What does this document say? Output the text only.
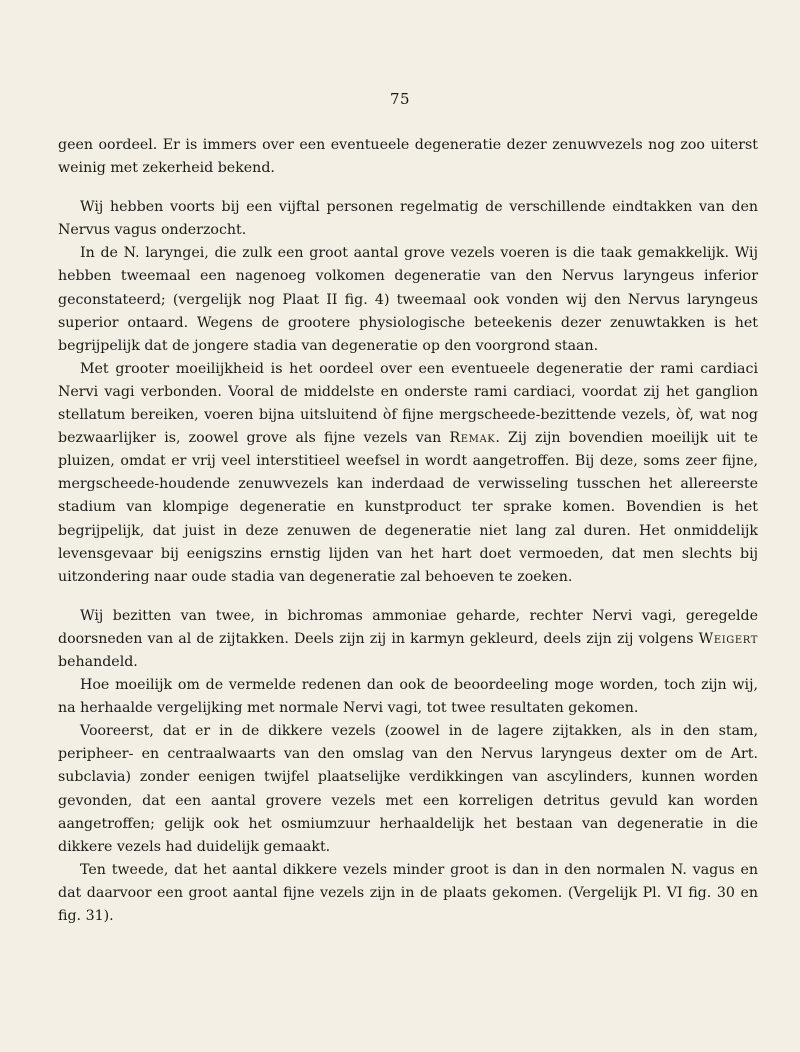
75

geen oordeel. Er is immers over een eventueele degeneratie dezer zenuwvezels nog zoo uiterst weinig met zekerheid bekend.

Wij hebben voorts bij een vijftal personen regelmatig de verschillende eindtakken van den Nervus vagus onderzocht.

In de N. laryngei, die zulk een groot aantal grove vezels voeren is die taak gemakkelijk. Wij hebben tweemaal een nagenoeg volkomen degeneratie van den Nervus laryngeus inferior geconstateerd; (vergelijk nog Plaat II fig. 4) tweemaal ook vonden wij den Nervus laryngeus superior ontaard. Wegens de grootere physiologische beteekenis dezer zenuwtakken is het begrijpelijk dat de jongere stadia van degeneratie op den voorgrond staan.

Met grooter moeilijkheid is het oordeel over een eventueele degeneratie der rami cardiaci Nervi vagi verbonden. Vooral de middelste en onderste rami cardiaci, voordat zij het ganglion stellatum bereiken, voeren bijna uitsluitend òf fijne mergscheede-bezittende vezels, òf, wat nog bezwaarlijker is, zoowel grove als fijne vezels van Remak. Zij zijn bovendien moeilijk uit te pluizen, omdat er vrij veel interstitieel weefsel in wordt aangetroffen. Bij deze, soms zeer fijne, mergscheede-houdende zenuwvezels kan inderdaad de verwisseling tusschen het allereerste stadium van klompige degeneratie en kunstproduct ter sprake komen. Bovendien is het begrijpelijk, dat juist in deze zenuwen de degeneratie niet lang zal duren. Het onmiddelijk levensgevaar bij eenigszins ernstig lijden van het hart doet vermoeden, dat men slechts bij uitzondering naar oude stadia van degeneratie zal behoeven te zoeken.

Wij bezitten van twee, in bichromas ammoniae geharde, rechter Nervi vagi, geregelde doorsneden van al de zijtakken. Deels zijn zij in karmyn gekleurd, deels zijn zij volgens Weigert behandeld.

Hoe moeilijk om de vermelde redenen dan ook de beoordeeling moge worden, toch zijn wij, na herhaalde vergelijking met normale Nervi vagi, tot twee resultaten gekomen.

Vooreerst, dat er in de dikkere vezels (zoowel in de lagere zijtakken, als in den stam, peripheer- en centraalwaarts van den omslag van den Nervus laryngeus dexter om de Art. subclavia) zonder eenigen twijfel plaatselijke verdikkingen van ascylinders, kunnen worden gevonden, dat een aantal grovere vezels met een korreligen detritus gevuld kan worden aangetroffen; gelijk ook het osmiumzuur herhaaldelijk het bestaan van degeneratie in die dikkere vezels had duidelijk gemaakt.

Ten tweede, dat het aantal dikkere vezels minder groot is dan in den normalen N. vagus en dat daarvoor een groot aantal fijne vezels zijn in de plaats gekomen. (Vergelijk Pl. VI fig. 30 en fig. 31).
